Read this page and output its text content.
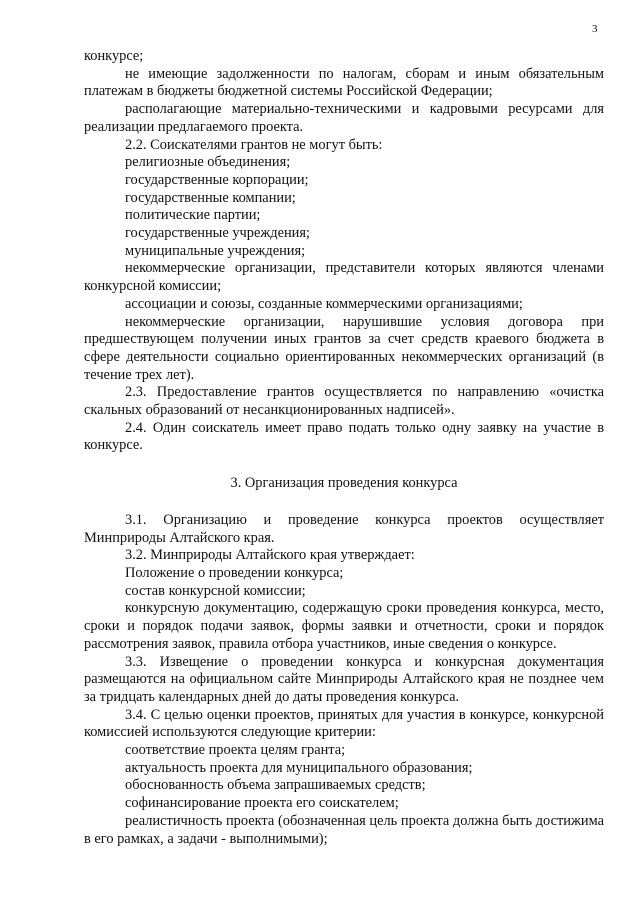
3

конкурсе;

не имеющие задолженности по налогам, сборам и иным обязательным платежам в бюджеты бюджетной системы Российской Федерации;

располагающие материально-техническими и кадровыми ресурсами для реализации предлагаемого проекта.

2.2. Соискателями грантов не могут быть:

религиозные объединения;

государственные корпорации;

государственные компании;

политические партии;

государственные учреждения;

муниципальные учреждения;

некоммерческие организации, представители которых являются членами конкурсной комиссии;

ассоциации и союзы, созданные коммерческими организациями;

некоммерческие организации, нарушившие условия договора при предшествующем получении иных грантов за счет средств краевого бюджета в сфере деятельности социально ориентированных некоммерческих организаций (в течение трех лет).

2.3. Предоставление грантов осуществляется по направлению «очистка скальных образований от несанкционированных надписей».

2.4. Один соискатель имеет право подать только одну заявку на участие в конкурсе.

3. Организация проведения конкурса

3.1. Организацию и проведение конкурса проектов осуществляет Минприроды Алтайского края.

3.2. Минприроды Алтайского края утверждает:

Положение о проведении конкурса;

состав конкурсной комиссии;

конкурсную документацию, содержащую сроки проведения конкурса, место, сроки и порядок подачи заявок, формы заявки и отчетности, сроки и порядок рассмотрения заявок, правила отбора участников, иные сведения о конкурсе.

3.3. Извещение о проведении конкурса и конкурсная документация размещаются на официальном сайте Минприроды Алтайского края не позднее чем за тридцать календарных дней до даты проведения конкурса.

3.4. С целью оценки проектов, принятых для участия в конкурсе, конкурсной комиссией используются следующие критерии:

соответствие проекта целям гранта;

актуальность проекта для муниципального образования;

обоснованность объема запрашиваемых средств;

софинансирование проекта его соискателем;

реалистичность проекта (обозначенная цель проекта должна быть достижима в его рамках, а задачи - выполнимыми);
